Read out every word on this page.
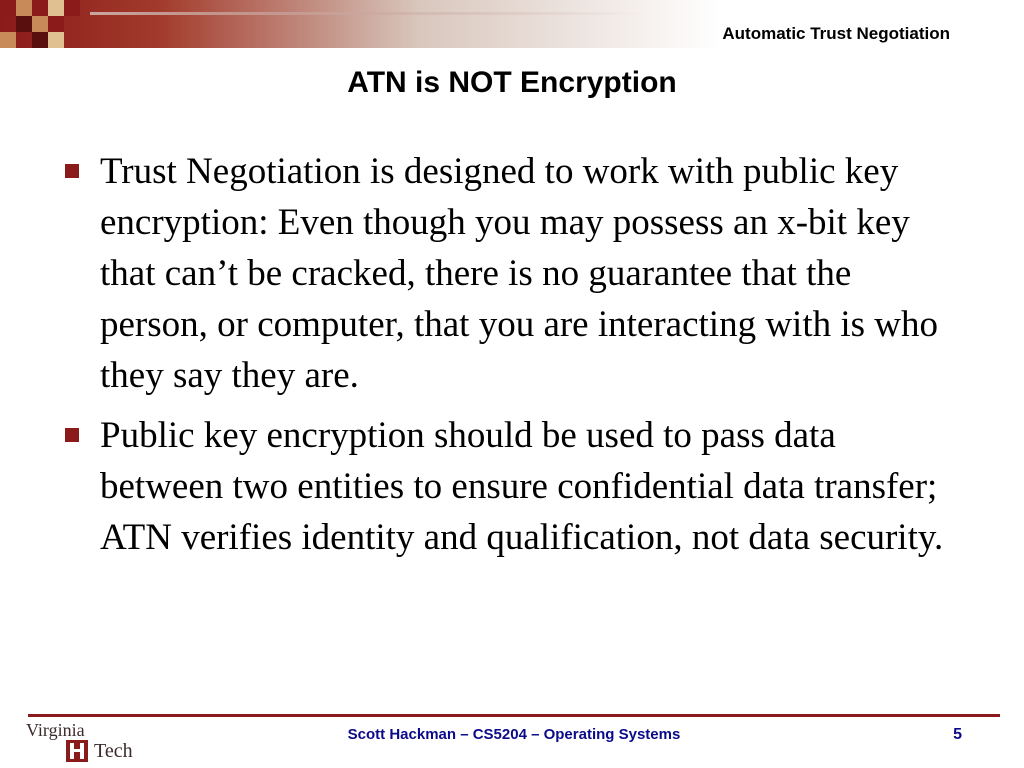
Automatic Trust Negotiation
ATN is NOT Encryption
Trust Negotiation is designed to work with public key encryption: Even though you may possess an x-bit key that can’t be cracked, there is no guarantee that the person, or computer, that you are interacting with is who they say they are.
Public key encryption should be used to pass data between two entities to ensure confidential data transfer; ATN verifies identity and qualification, not data security.
Virginia
Tech
Scott Hackman – CS5204 – Operating Systems	5
